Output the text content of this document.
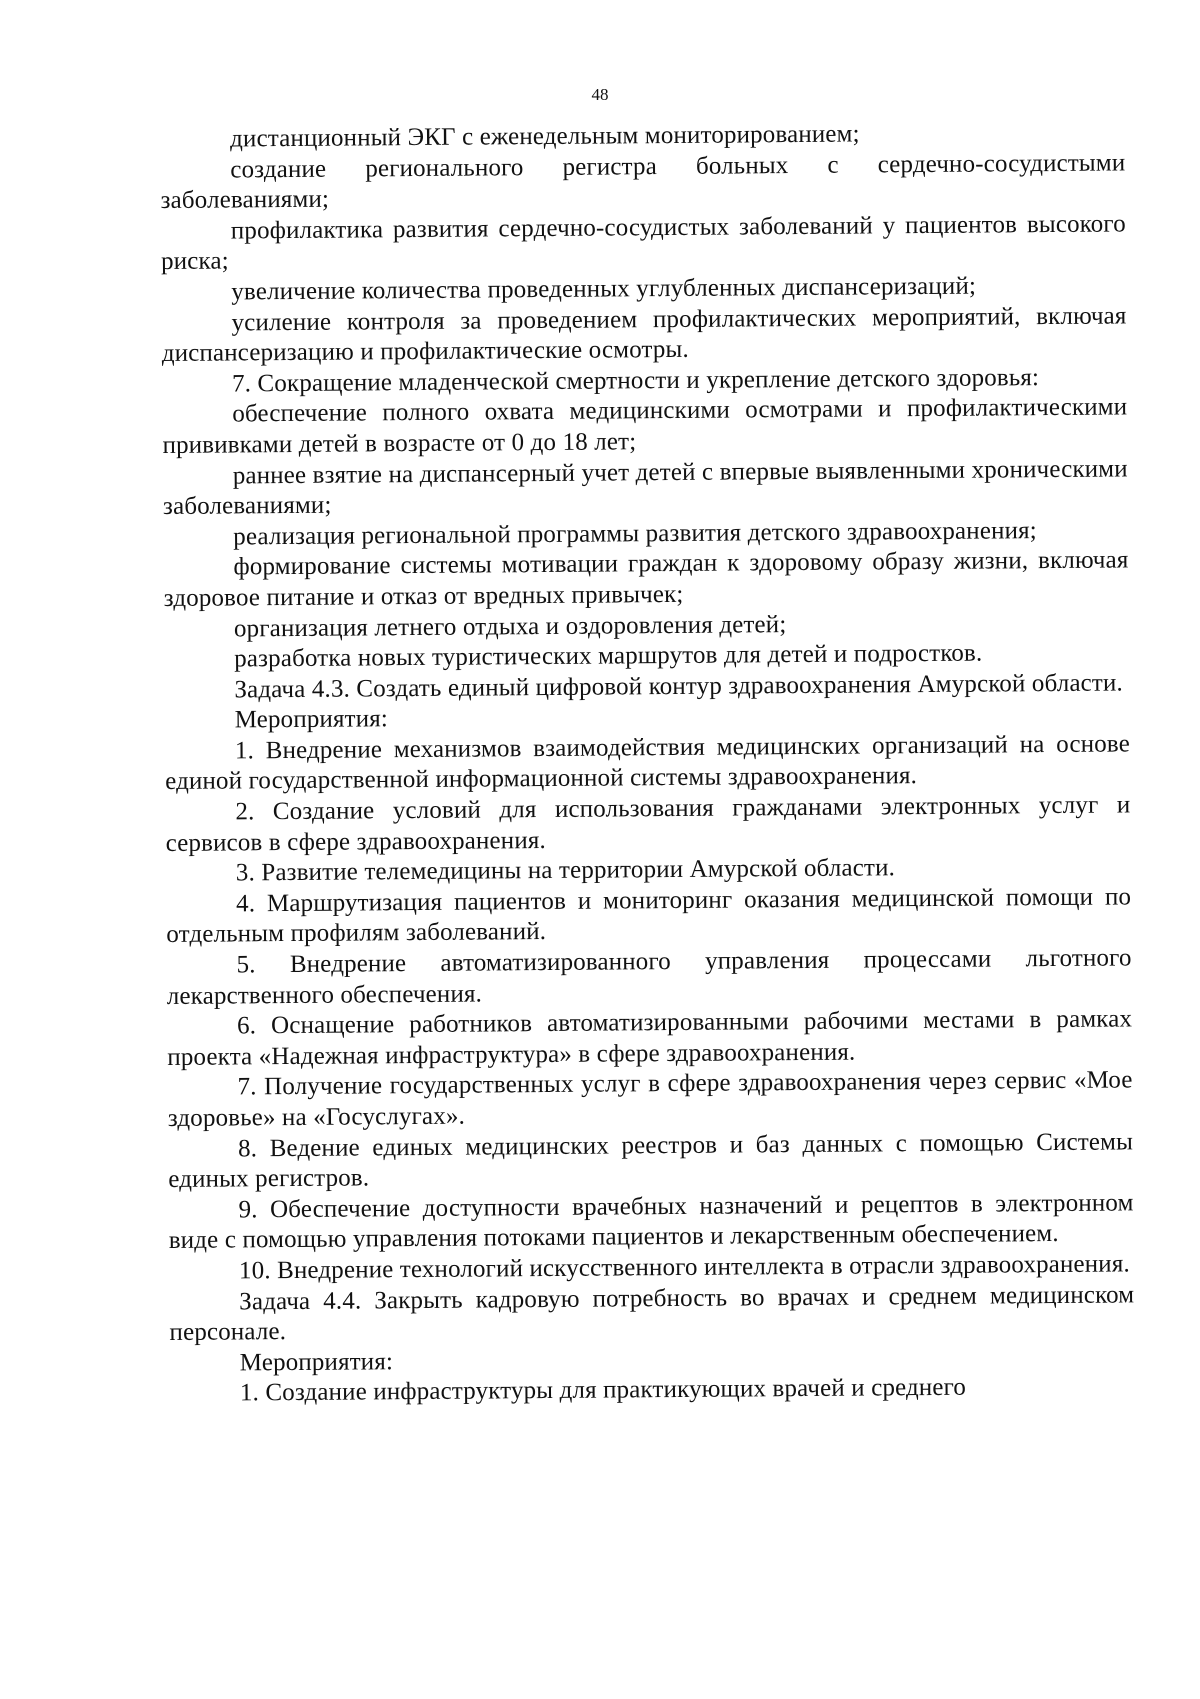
48

дистанционный ЭКГ с еженедельным мониторированием;

создание регионального регистра больных с сердечно-сосудистыми заболеваниями;

профилактика развития сердечно-сосудистых заболеваний у пациентов высокого риска;

увеличение количества проведенных углубленных диспансеризаций;

усиление контроля за проведением профилактических мероприятий, включая диспансеризацию и профилактические осмотры.

7. Сокращение младенческой смертности и укрепление детского здоровья:

обеспечение полного охвата медицинскими осмотрами и профилактическими прививками детей в возрасте от 0 до 18 лет;

раннее взятие на диспансерный учет детей с впервые выявленными хроническими заболеваниями;

реализация региональной программы развития детского здравоохранения;

формирование системы мотивации граждан к здоровому образу жизни, включая здоровое питание и отказ от вредных привычек;

организация летнего отдыха и оздоровления детей;

разработка новых туристических маршрутов для детей и подростков.

Задача 4.3. Создать единый цифровой контур здравоохранения Амурской области.

Мероприятия:

1. Внедрение механизмов взаимодействия медицинских организаций на основе единой государственной информационной системы здравоохранения.

2. Создание условий для использования гражданами электронных услуг и сервисов в сфере здравоохранения.

3. Развитие телемедицины на территории Амурской области.

4. Маршрутизация пациентов и мониторинг оказания медицинской помощи по отдельным профилям заболеваний.

5. Внедрение автоматизированного управления процессами льготного лекарственного обеспечения.

6. Оснащение работников автоматизированными рабочими местами в рамках проекта «Надежная инфраструктура» в сфере здравоохранения.

7. Получение государственных услуг в сфере здравоохранения через сервис «Мое здоровье» на «Госуслугах».

8. Ведение единых медицинских реестров и баз данных с помощью Системы единых регистров.

9. Обеспечение доступности врачебных назначений и рецептов в электронном виде с помощью управления потоками пациентов и лекарственным обеспечением.

10. Внедрение технологий искусственного интеллекта в отрасли здравоохранения.

Задача 4.4. Закрыть кадровую потребность во врачах и среднем медицинском персонале.

Мероприятия:

1. Создание инфраструктуры для практикующих врачей и среднего
